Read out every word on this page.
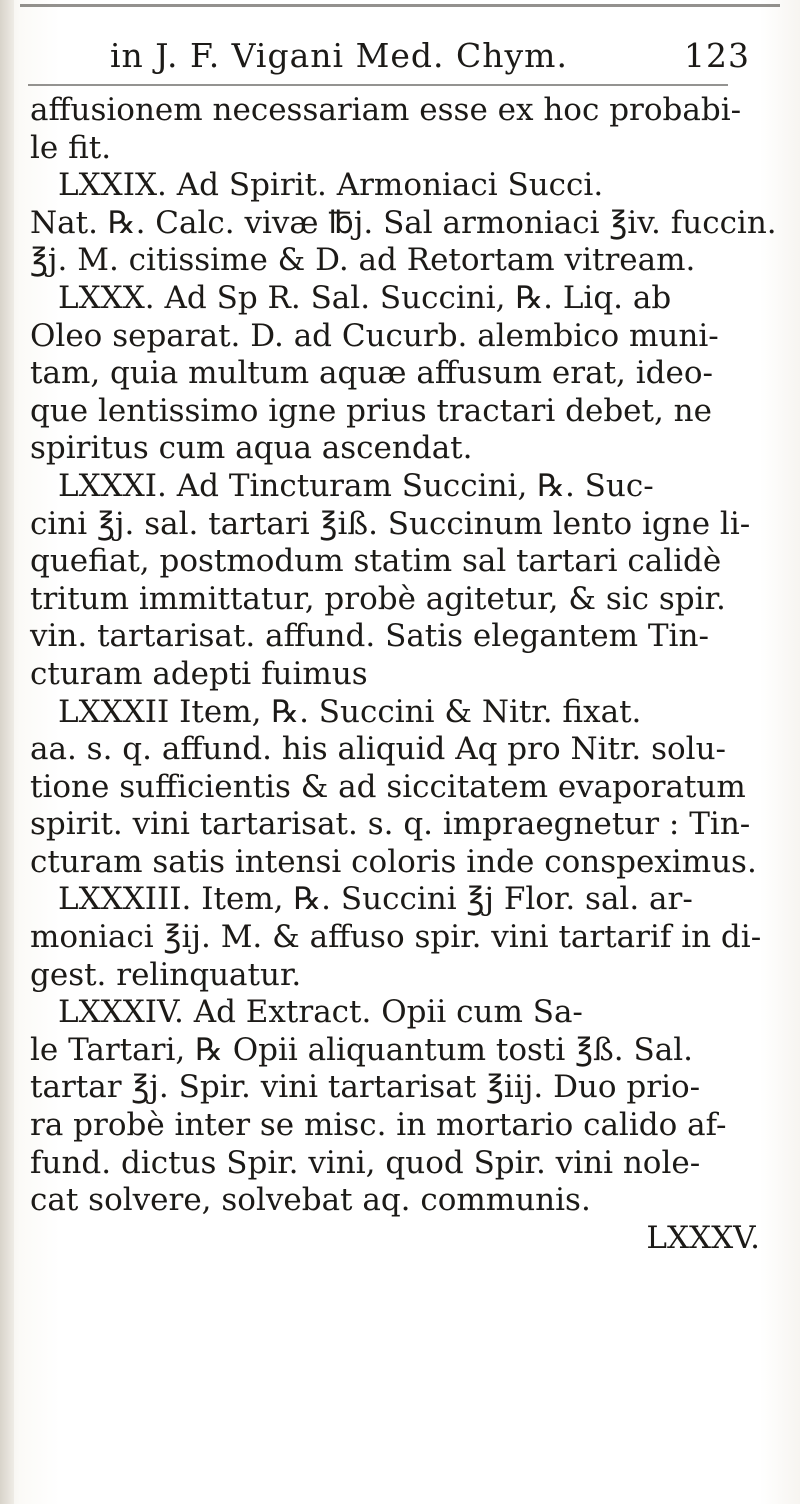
in J. F. Vigani Med. Chym.	123
affusionem necessariam esse ex hoc probabi-
le fit.
LXXIX. Ad Spirit. Armoniaci Succi.
Nat. ℞. Calc. vivæ ℔j. Sal armoniaci ℥iv. fuccin.
℥j. M. citissime & D. ad Retortam vitream.
LXXX. Ad Sp R. Sal. Succini, ℞. Liq. ab
Oleo separat. D. ad Cucurb. alembico muni-
tam, quia multum aquæ affusum erat, ideo-
que lentissimo igne prius tractari debet, ne
spiritus cum aqua ascendat.
LXXXI. Ad Tincturam Succini, ℞. Suc-
cini ℥j. sal. tartari ℥iß. Succinum lento igne li-
quefiat, postmodum statim sal tartari calidè
tritum immittatur, probè agitetur, & sic spir.
vin. tartarisat. affund. Satis elegantem Tin-
cturam adepti fuimus
LXXXII Item, ℞. Succini & Nitr. fixat.
aa. s. q. affund. his aliquid Aq pro Nitr. solu-
tione sufficientis & ad siccitatem evaporatum
spirit. vini tartarisat. s. q. impraegnetur : Tin-
cturam satis intensi coloris inde conspeximus.
LXXXIII. Item, ℞. Succini ℥j Flor. sal. ar-
moniaci ℥ij. M. & affuso spir. vini tartarif in di-
gest. relinquatur.
LXXXIV. Ad Extract. Opii cum Sa-
le Tartari, ℞ Opii aliquantum tosti ℥ß. Sal.
tartar ℥j. Spir. vini tartarisat ℥iij. Duo prio-
ra probè inter se misc. in mortario calido af-
fund. dictus Spir. vini, quod Spir. vini nole-
cat solvere, solvebat aq. communis.
LXXXV.
